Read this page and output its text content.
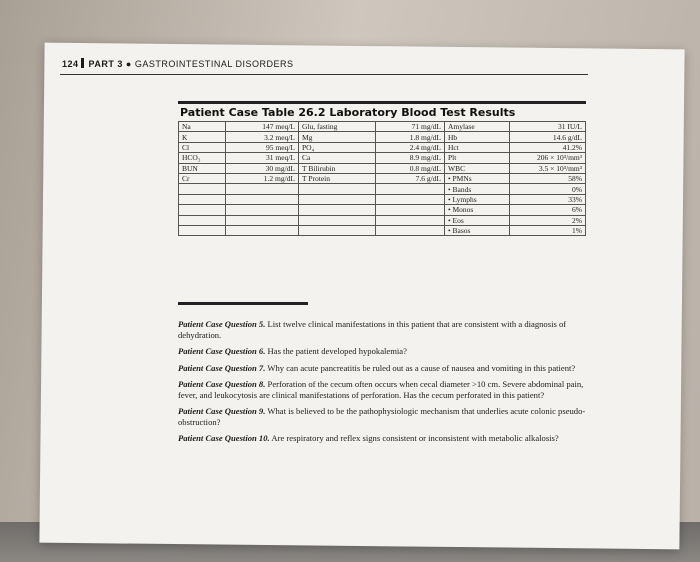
124 PART 3 ● GASTROINTESTINAL DISORDERS
Patient Case Table 26.2 Laboratory Blood Test Results
Na	147 meq/L	Glu, fasting	71 mg/dL	Amylase	31 IU/L
K	3.2 meq/L	Mg	1.8 mg/dL	Hb	14.6 g/dL
Cl	95 meq/L	PO₄	2.4 mg/dL	Hct	41.2%
HCO₃	31 meq/L	Ca	8.9 mg/dL	Plt	206 × 10³/mm³
BUN	30 mg/dL	T Bilirubin	0.8 mg/dL	WBC	3.5 × 10³/mm³
Cr	1.2 mg/dL	T Protein	7.6 g/dL	• PMNs	58%
				• Bands	0%
				• Lymphs	33%
				• Monos	6%
				• Eos	2%
				• Basos	1%
Patient Case Question 5. List twelve clinical manifestations in this patient that are consistent with a diagnosis of dehydration.
Patient Case Question 6. Has the patient developed hypokalemia?
Patient Case Question 7. Why can acute pancreatitis be ruled out as a cause of nausea and vomiting in this patient?
Patient Case Question 8. Perforation of the cecum often occurs when cecal diameter >10 cm. Severe abdominal pain, fever, and leukocytosis are clinical manifestations of perforation. Has the cecum perforated in this patient?
Patient Case Question 9. What is believed to be the pathophysiologic mechanism that underlies acute colonic pseudo-obstruction?
Patient Case Question 10. Are respiratory and reflex signs consistent or inconsistent with metabolic alkalosis?
